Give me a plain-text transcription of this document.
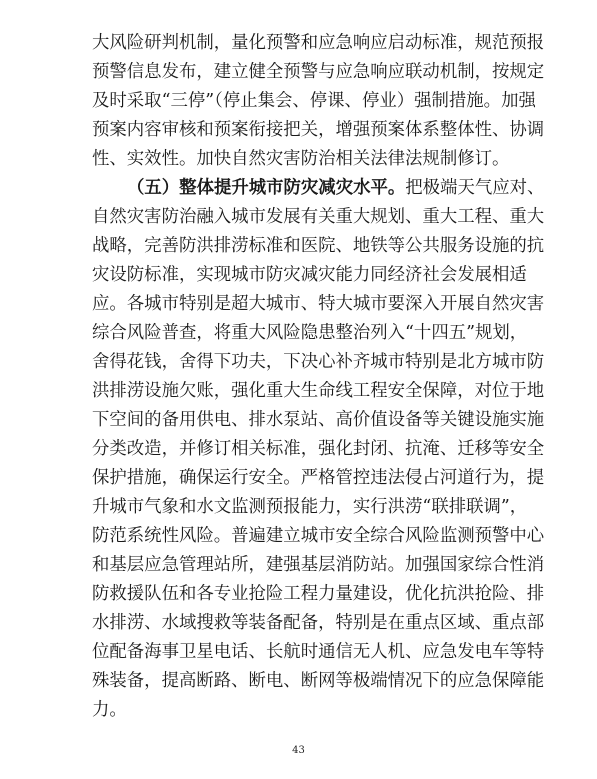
大风险研判机制，量化预警和应急响应启动标准，规范预报
预警信息发布，建立健全预警与应急响应联动机制，按规定
及时采取“三停”（停止集会、停课、停业）强制措施。加强
预案内容审核和预案衔接把关，增强预案体系整体性、协调
性、实效性。加快自然灾害防治相关法律法规制修订。
（五）整体提升城市防灾减灾水平。把极端天气应对、
自然灾害防治融入城市发展有关重大规划、重大工程、重大
战略，完善防洪排涝标准和医院、地铁等公共服务设施的抗
灾设防标准，实现城市防灾减灾能力同经济社会发展相适
应。各城市特别是超大城市、特大城市要深入开展自然灾害
综合风险普查，将重大风险隐患整治列入“十四五”规划，
舍得花钱，舍得下功夫，下决心补齐城市特别是北方城市防
洪排涝设施欠账，强化重大生命线工程安全保障，对位于地
下空间的备用供电、排水泵站、高价值设备等关键设施实施
分类改造，并修订相关标准，强化封闭、抗淹、迁移等安全
保护措施，确保运行安全。严格管控违法侵占河道行为，提
升城市气象和水文监测预报能力，实行洪涝“联排联调”，
防范系统性风险。普遍建立城市安全综合风险监测预警中心
和基层应急管理站所，建强基层消防站。加强国家综合性消
防救援队伍和各专业抢险工程力量建设，优化抗洪抢险、排
水排涝、水域搜救等装备配备，特别是在重点区域、重点部
位配备海事卫星电话、长航时通信无人机、应急发电车等特
殊装备，提高断路、断电、断网等极端情况下的应急保障能
力。
43
